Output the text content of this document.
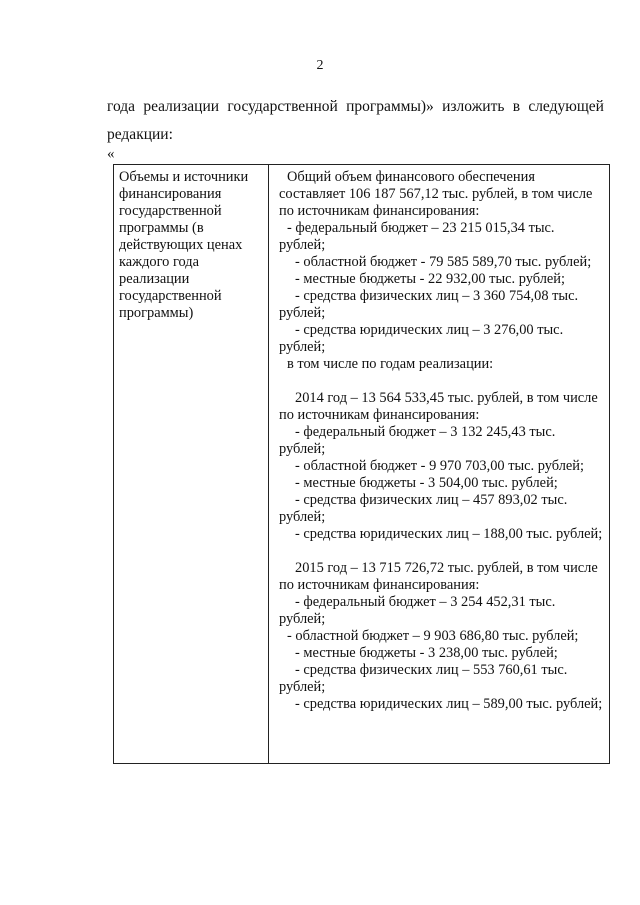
2
года реализации государственной программы)» изложить в следующей
редакции:
«
Объемы и источники
финансирования
государственной
программы (в
действующих ценах
каждого года
реализации
государственной
программы)

Общий объем финансового обеспечения
составляет 106 187 567,12 тыс. рублей, в том числе
по источникам финансирования:
- федеральный бюджет – 23 215 015,34 тыс.
рублей;
- областной бюджет - 79 585 589,70 тыс. рублей;
- местные бюджеты - 22 932,00 тыс. рублей;
- средства физических лиц – 3 360 754,08 тыс.
рублей;
- средства юридических лиц – 3 276,00 тыс.
рублей;
в том числе по годам реализации:
2014 год – 13 564 533,45 тыс. рублей, в том числе
по источникам финансирования:
- федеральный бюджет – 3 132 245,43 тыс.
рублей;
- областной бюджет - 9 970 703,00 тыс. рублей;
- местные бюджеты - 3 504,00 тыс. рублей;
- средства физических лиц – 457 893,02 тыс.
рублей;
- средства юридических лиц – 188,00 тыс. рублей;
2015 год – 13 715 726,72 тыс. рублей, в том числе
по источникам финансирования:
- федеральный бюджет – 3 254 452,31 тыс.
рублей;
- областной бюджет – 9 903 686,80 тыс. рублей;
- местные бюджеты - 3 238,00 тыс. рублей;
- средства физических лиц – 553 760,61 тыс.
рублей;
- средства юридических лиц – 589,00 тыс. рублей;
